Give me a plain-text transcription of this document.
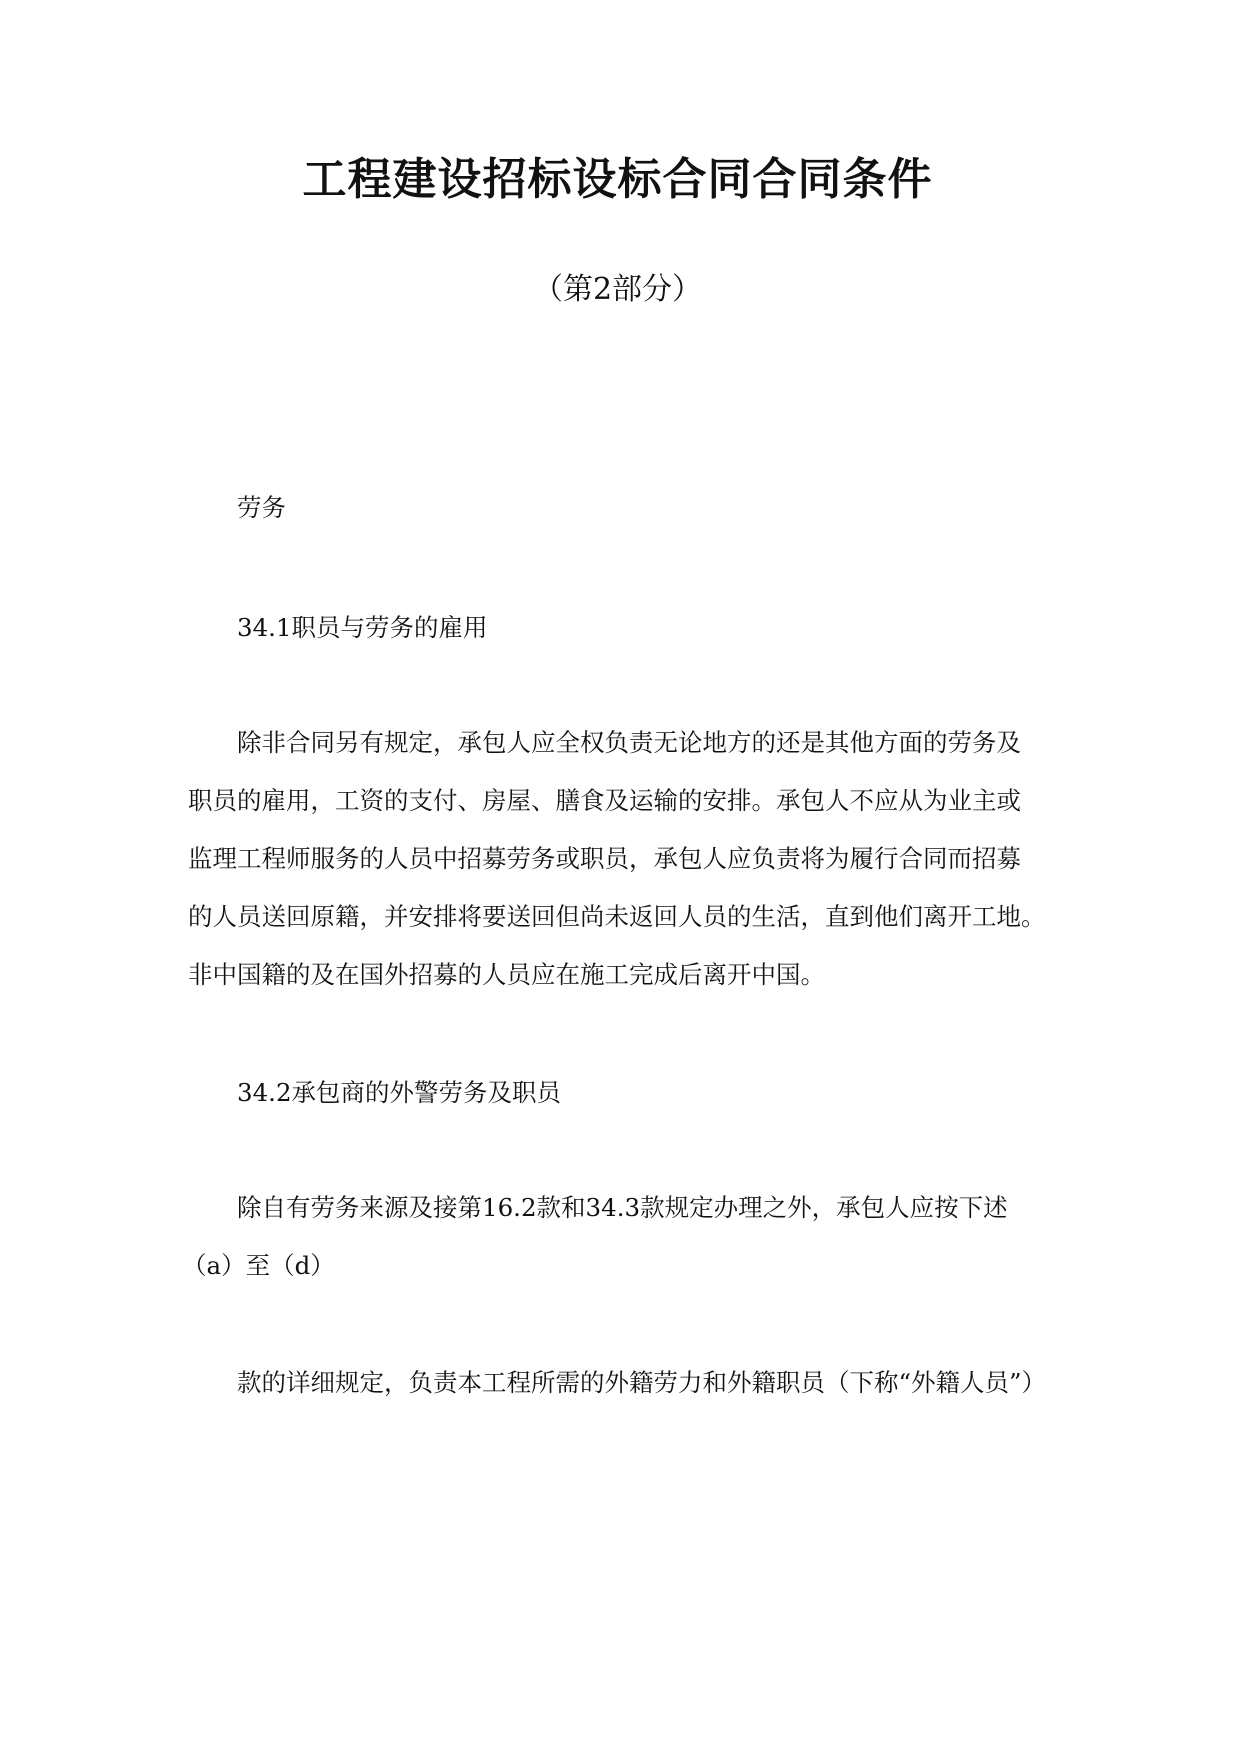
工程建设招标设标合同合同条件
（第2部分）

劳务

34.1职员与劳务的雇用

除非合同另有规定，承包人应全权负责无论地方的还是其他方面的劳务及

职员的雇用，工资的支付、房屋、膳食及运输的安排。承包人不应从为业主或

监理工程师服务的人员中招募劳务或职员，承包人应负责将为履行合同而招募

的人员送回原籍，并安排将要送回但尚未返回人员的生活，直到他们离开工地。

非中国籍的及在国外招募的人员应在施工完成后离开中国。

34.2承包商的外警劳务及职员

除自有劳务来源及接第16.2款和34.3款规定办理之外，承包人应按下述

（a）至（d）

款的详细规定，负责本工程所需的外籍劳力和外籍职员（下称“外籍人员”）
